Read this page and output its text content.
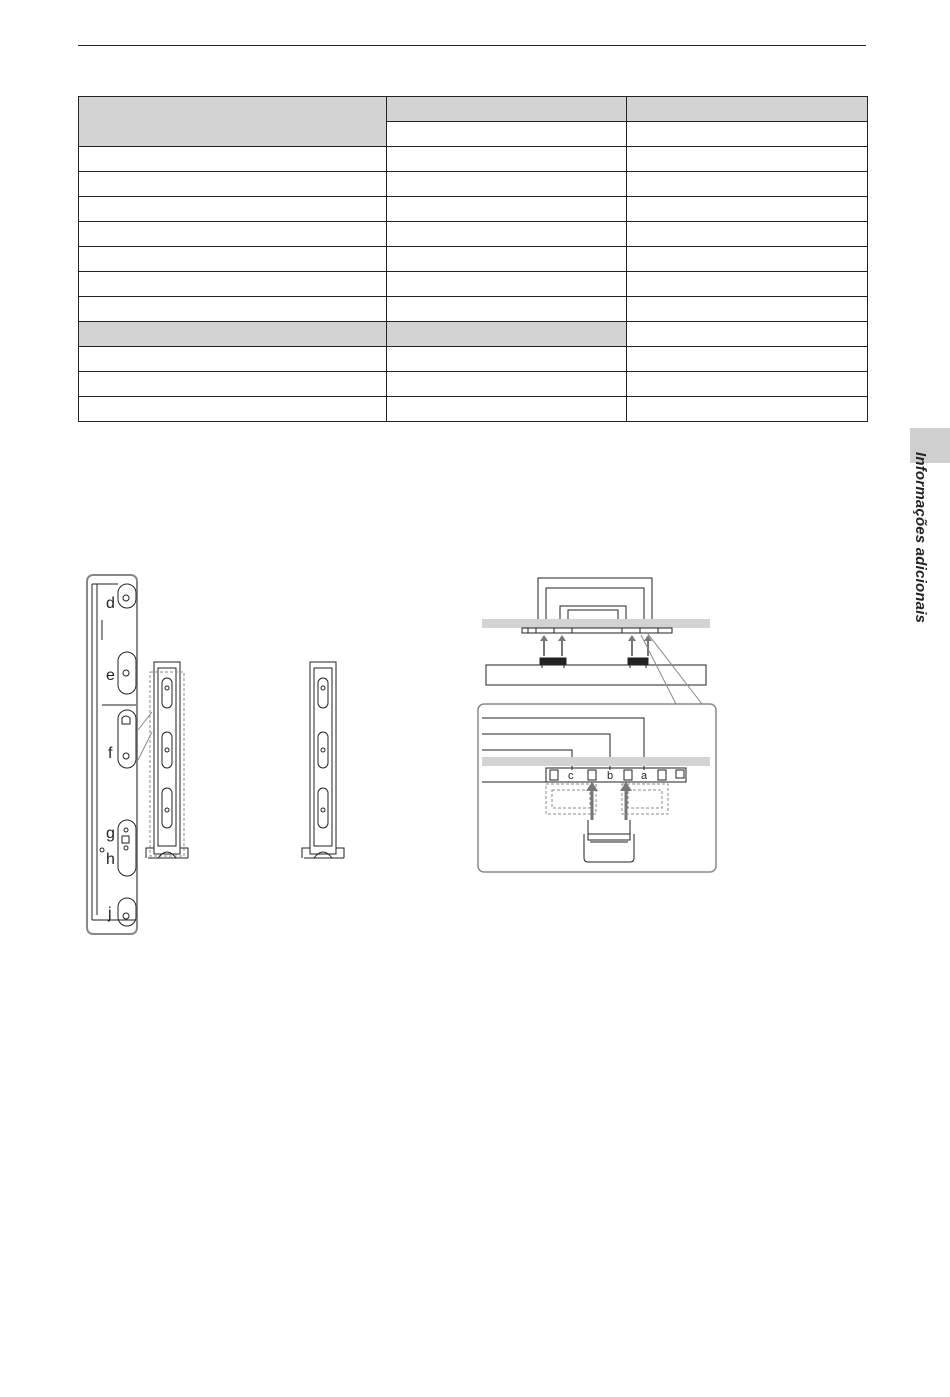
Informações adicionais
d
e
f
g
h
j
c	b	a
